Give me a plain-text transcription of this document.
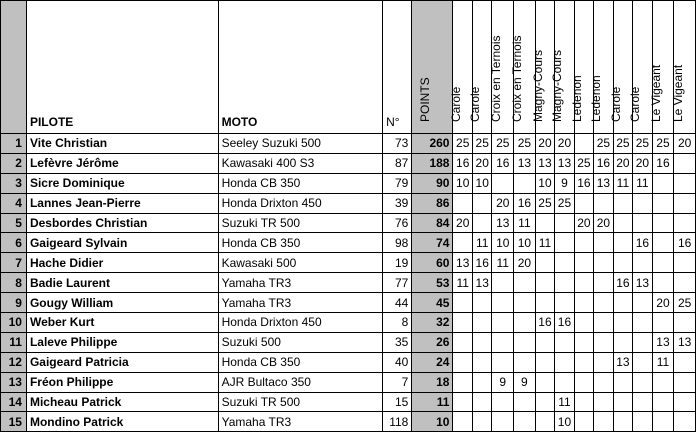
	PILOTE	MOTO	N°	POINTS	Carole	Carole	Croix en Ternois	Croix en Ternois	Magny-Cours	Magny-Cours	Ledenon	Ledenon	Carole	Carole	Le Vigeant	Le Vigeant

1	Vite Christian	Seeley Suzuki 500	73	260	25	25	25	25	20	20		25	25	25	25	20
2	Lefèvre Jérôme	Kawasaki 400 S3	87	188	16	20	16	13	13	13	25	16	20	20	16	
3	Sicre Dominique	Honda CB 350	79	90	10	10			10	9	16	13	11	11		
4	Lannes Jean-Pierre	Honda Drixton 450	39	86			20	16	25	25						
5	Desbordes Christian	Suzuki TR 500	76	84	20		13	11			20	20				
6	Gaigeard Sylvain	Honda CB 350	98	74		11	10	10	11					16		16
7	Hache Didier	Kawasaki 500	19	60	13	16	11	20								
8	Badie Laurent	Yamaha TR3	77	53	11	13							16	13		
9	Gougy William	Yamaha TR3	44	45											20	25
10	Weber Kurt	Honda Drixton 450	8	32					16	16						
11	Laleve Philippe	Suzuki 500	35	26											13	13
12	Gaigeard Patricia	Honda CB 350	40	24									13		11	
13	Fréon Philippe	AJR Bultaco 350	7	18			9	9								
14	Micheau Patrick	Suzuki TR 500	15	11						11						
15	Mondino Patrick	Yamaha TR3	118	10						10						
